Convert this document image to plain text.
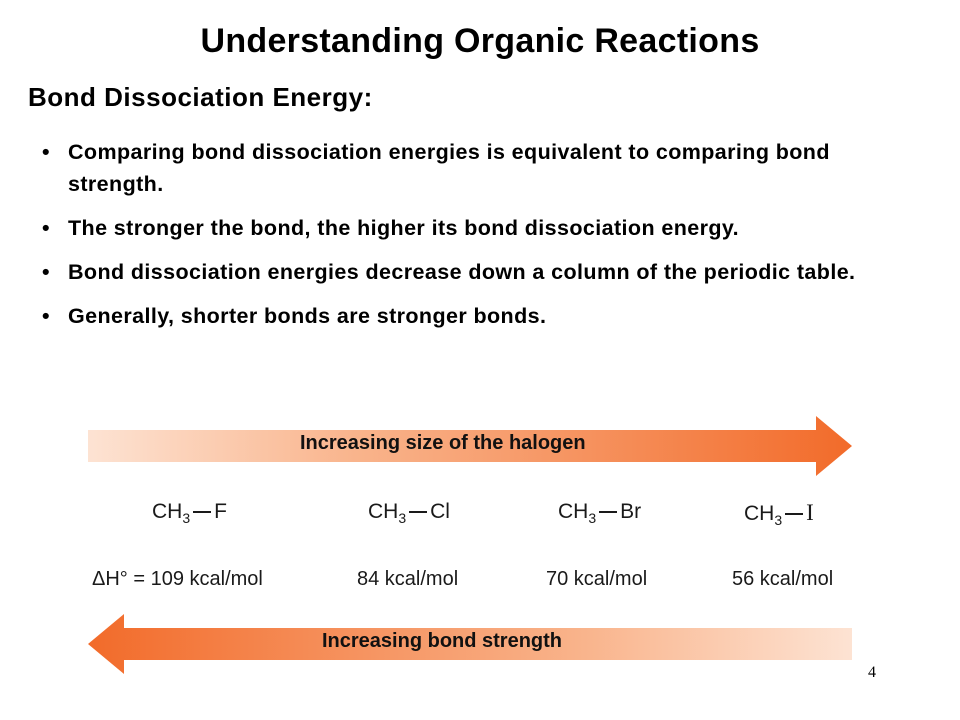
Understanding Organic Reactions
Bond Dissociation Energy:
• Comparing bond dissociation energies is equivalent to comparing bond strength.
• The stronger the bond, the higher its bond dissociation energy.
• Bond dissociation energies decrease down a column of the periodic table.
• Generally, shorter bonds are stronger bonds.
Increasing size of the halogen
$CH_3$ F	$CH_3$ Cl	$CH_3$ Br	$CH_3$ I
ΔH° = 109 kcal/mol	84 kcal/mol	70 kcal/mol	56 kcal/mol
Increasing bond strength
4
